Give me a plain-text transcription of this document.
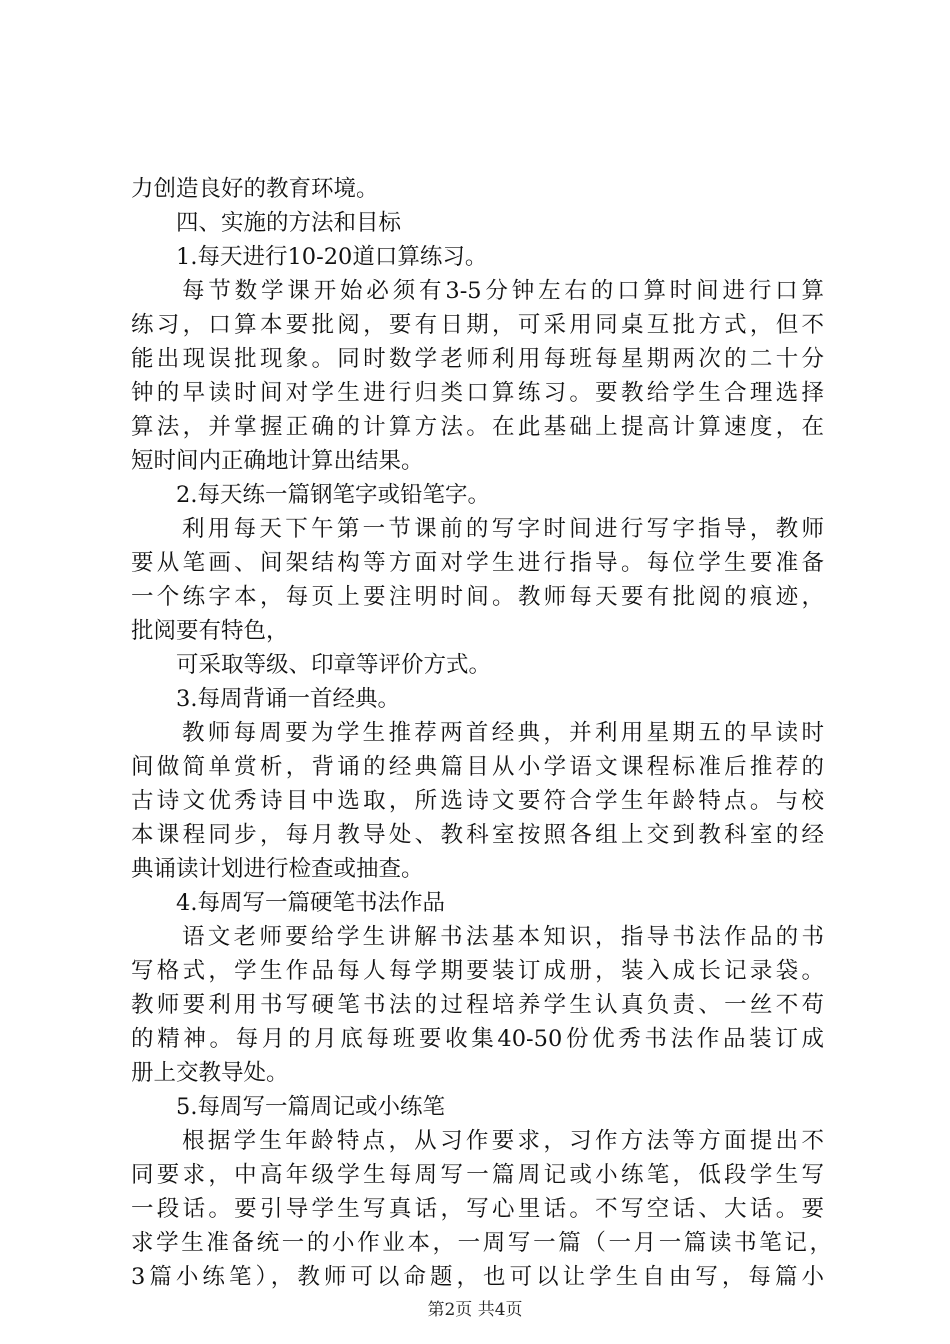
力创造良好的教育环境。
四、实施的方法和目标
1.每天进行10-20道口算练习。
每节数学课开始必须有3-5分钟左右的口算时间进行口算
练习，口算本要批阅，要有日期，可采用同桌互批方式，但不
能出现误批现象。同时数学老师利用每班每星期两次的二十分
钟的早读时间对学生进行归类口算练习。要教给学生合理选择
算法，并掌握正确的计算方法。在此基础上提高计算速度，在
短时间内正确地计算出结果。
2.每天练一篇钢笔字或铅笔字。
利用每天下午第一节课前的写字时间进行写字指导，教师
要从笔画、间架结构等方面对学生进行指导。每位学生要准备
一个练字本，每页上要注明时间。教师每天要有批阅的痕迹，
批阅要有特色，
可采取等级、印章等评价方式。
3.每周背诵一首经典。
教师每周要为学生推荐两首经典，并利用星期五的早读时
间做简单赏析，背诵的经典篇目从小学语文课程标准后推荐的
古诗文优秀诗目中选取，所选诗文要符合学生年龄特点。与校
本课程同步，每月教导处、教科室按照各组上交到教科室的经
典诵读计划进行检查或抽查。
4.每周写一篇硬笔书法作品
语文老师要给学生讲解书法基本知识，指导书法作品的书
写格式，学生作品每人每学期要装订成册，装入成长记录袋。
教师要利用书写硬笔书法的过程培养学生认真负责、一丝不苟
的精神。每月的月底每班要收集40-50份优秀书法作品装订成
册上交教导处。
5.每周写一篇周记或小练笔
根据学生年龄特点，从习作要求，习作方法等方面提出不
同要求，中高年级学生每周写一篇周记或小练笔，低段学生写
一段话。要引导学生写真话，写心里话。不写空话、大话。要
求学生准备统一的小作业本，一周写一篇（一月一篇读书笔记，
3篇小练笔），教师可以命题，也可以让学生自由写，每篇小
第2页 共4页
